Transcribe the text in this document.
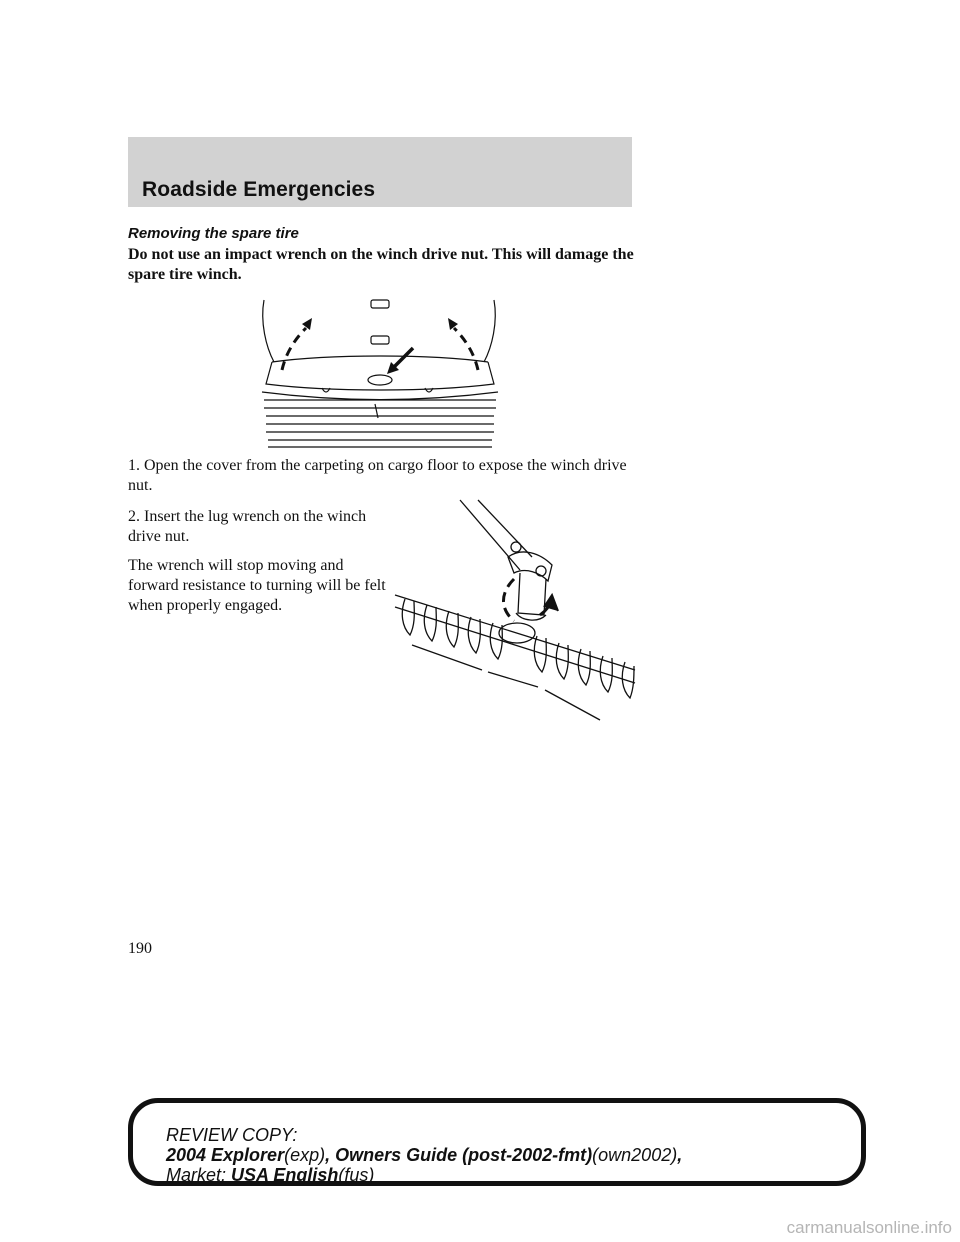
Roadside Emergencies
Removing the spare tire
Do not use an impact wrench on the winch drive nut. This will damage the spare tire winch.
1. Open the cover from the carpeting on cargo floor to expose the winch drive nut.
2. Insert the lug wrench on the winch drive nut.
The wrench will stop moving and forward resistance to turning will be felt when properly engaged.
190
REVIEW COPY:
2004 Explorer(exp), Owners Guide (post-2002-fmt)(own2002),
Market: USA English(fus)
carmanualsonline.info
